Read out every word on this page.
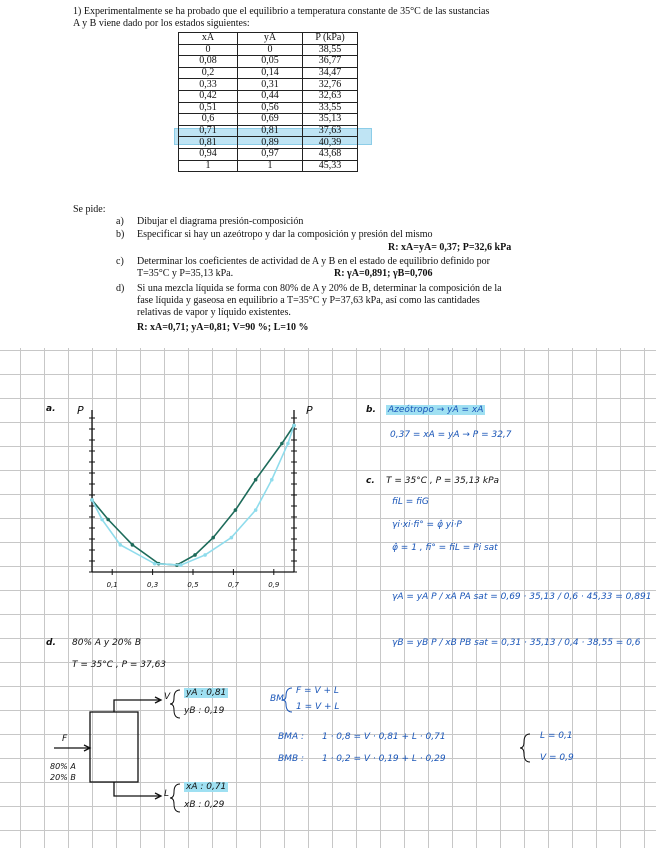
1) Experimentalmente se ha probado que el equilibrio a temperatura constante de 35°C de las sustancias
A y B viene dado por los estados siguientes:
xA	yA	P (kPa)
0	0	38,55
0,08	0,05	36,77
0,2	0,14	34,47
0,33	0,31	32,76
0,42	0,44	32,63
0,51	0,56	33,55
0,6	0,69	35,13
0,71	0,81	37,63
0,81	0,89	40,39
0,94	0,97	43,68
1	1	45,33
Se pide:
a) Dibujar el diagrama presión-composición
b) Especificar si hay un azeótropo y dar la composición y presión del mismo
R: xA=yA= 0,37; P=32,6 kPa
c) Determinar los coeficientes de actividad de A y B en el estado de equilibrio definido por
T=35°C y P=35,13 kPa.	R: γA=0,891; γB=0,706
d) Si una mezcla líquida se forma con 80% de A y 20% de B, determinar la composición de la
fase líquida y gaseosa en equilibrio a T=35°C y P=37,63 kPa, así como las cantidades
relativas de vapor y líquido existentes.
R: xA=0,71; yA=0,81; V=90 %; L=10 %
a.
0,1	0,3	0,5	0,7	0,9
P	P	b. Azeótropo → yA = xA
0,37 = xA = yA → P = 32,7
c. T = 35°C , P = 35,13 kPa
fiL = fiG
γi·xi·fi° = φ̂ yi·P
φ̂ = 1 , fi° = fiL = Pi sat
γA = yA P / xA PA sat = 0,69 · 35,13 / 0,6 · 45,33 = 0,891
γB = yB P / xB PB sat = 0,31 · 35,13 / 0,4 · 38,55 = 0,6
d. 80% A y 20% B
T = 35°C , P = 37,63
V
L
F
80% A
20% B
yA : 0,81
yB : 0,19
xA : 0,71
xB : 0,29
BM
F = V + L
1 = V + L
BMA : 1 · 0,8 = V · 0,81 + L · 0,71
BMB : 1 · 0,2 = V · 0,19 + L · 0,29
L = 0,1
V = 0,9
